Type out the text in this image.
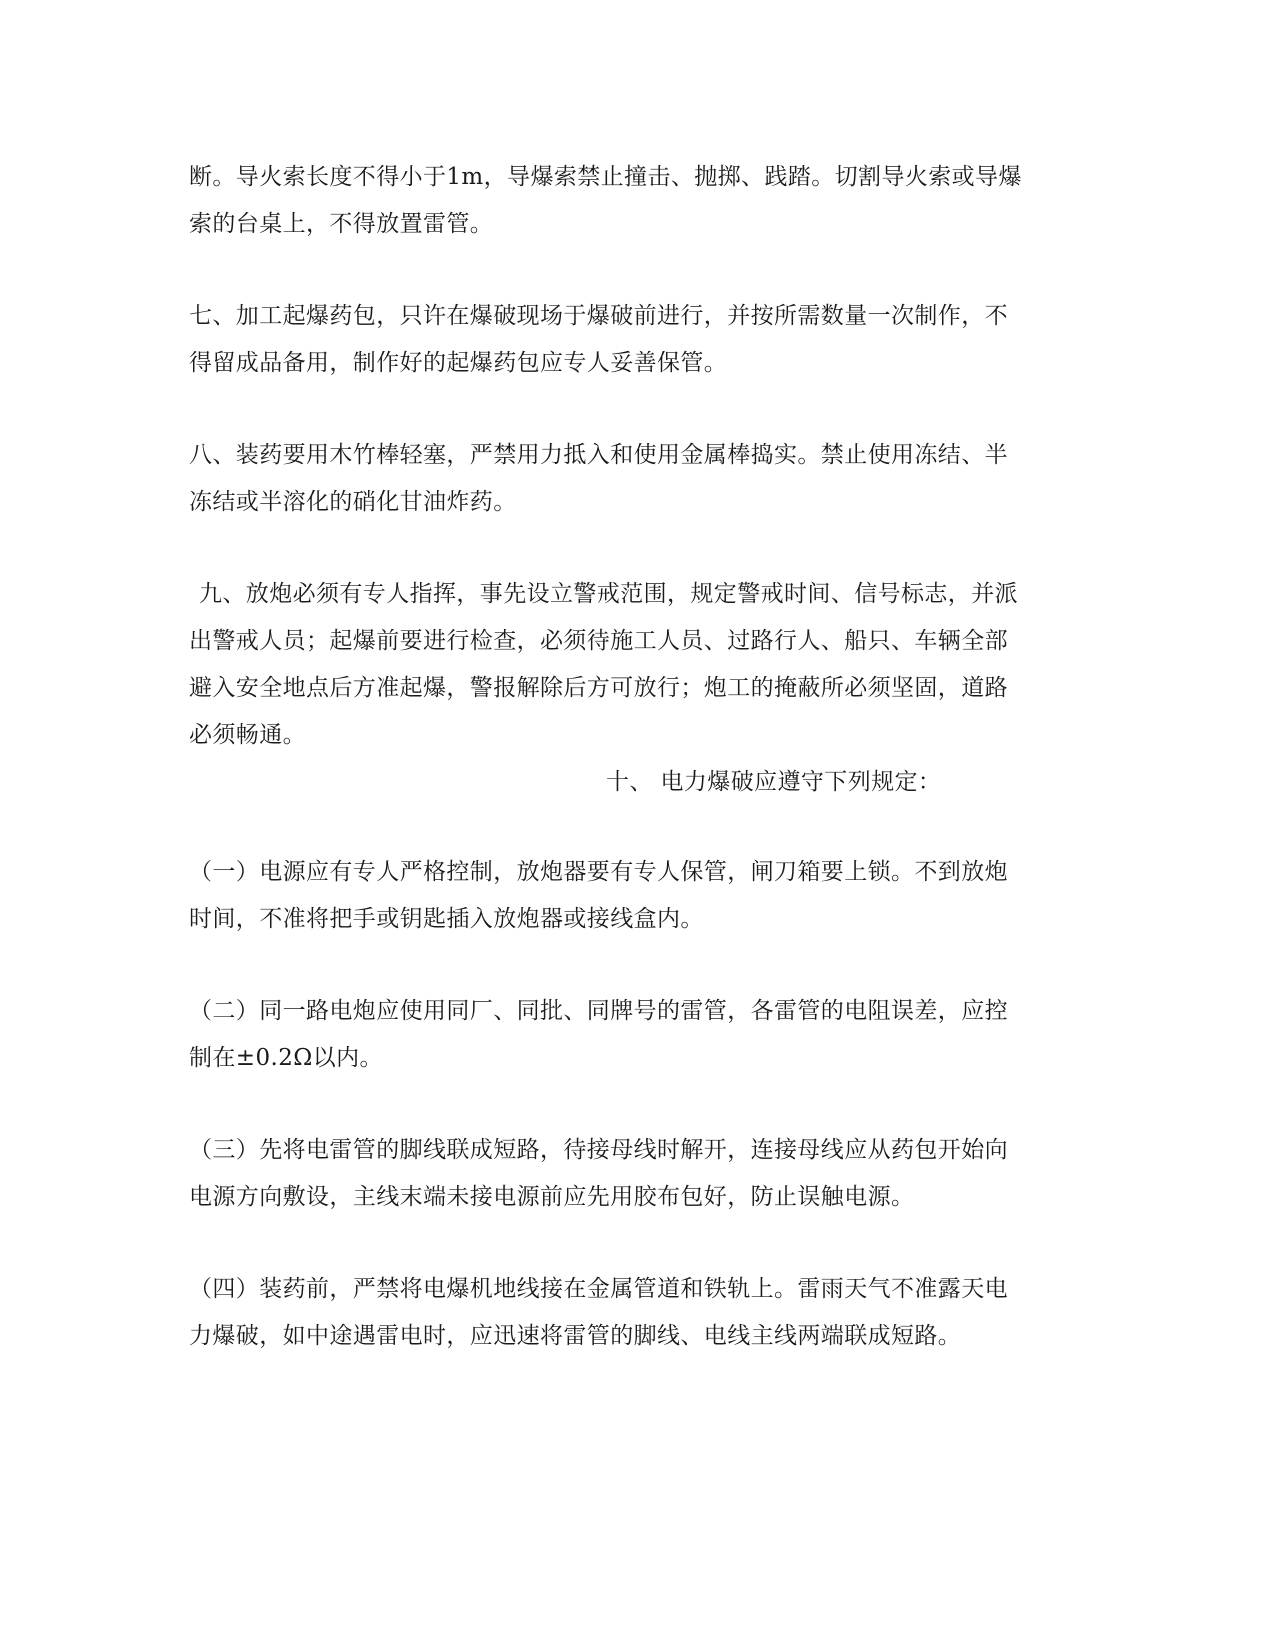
断。导火索长度不得小于1m，导爆索禁止撞击、抛掷、践踏。切割导火索或导爆
索的台桌上，不得放置雷管。
七、加工起爆药包，只许在爆破现场于爆破前进行，并按所需数量一次制作，不
得留成品备用，制作好的起爆药包应专人妥善保管。
八、装药要用木竹棒轻塞，严禁用力抵入和使用金属棒捣实。禁止使用冻结、半
冻结或半溶化的硝化甘油炸药。
九、放炮必须有专人指挥，事先设立警戒范围，规定警戒时间、信号标志，并派
出警戒人员；起爆前要进行检查，必须待施工人员、过路行人、船只、车辆全部
避入安全地点后方准起爆，警报解除后方可放行；炮工的掩蔽所必须坚固，道路
必须畅通。
十、 电力爆破应遵守下列规定：
（一）电源应有专人严格控制，放炮器要有专人保管，闸刀箱要上锁。不到放炮
时间，不准将把手或钥匙插入放炮器或接线盒内。
（二）同一路电炮应使用同厂、同批、同牌号的雷管，各雷管的电阻误差，应控
制在±0.2Ω以内。
（三）先将电雷管的脚线联成短路，待接母线时解开，连接母线应从药包开始向
电源方向敷设，主线末端未接电源前应先用胶布包好，防止误触电源。
（四）装药前，严禁将电爆机地线接在金属管道和铁轨上。雷雨天气不准露天电
力爆破，如中途遇雷电时，应迅速将雷管的脚线、电线主线两端联成短路。
